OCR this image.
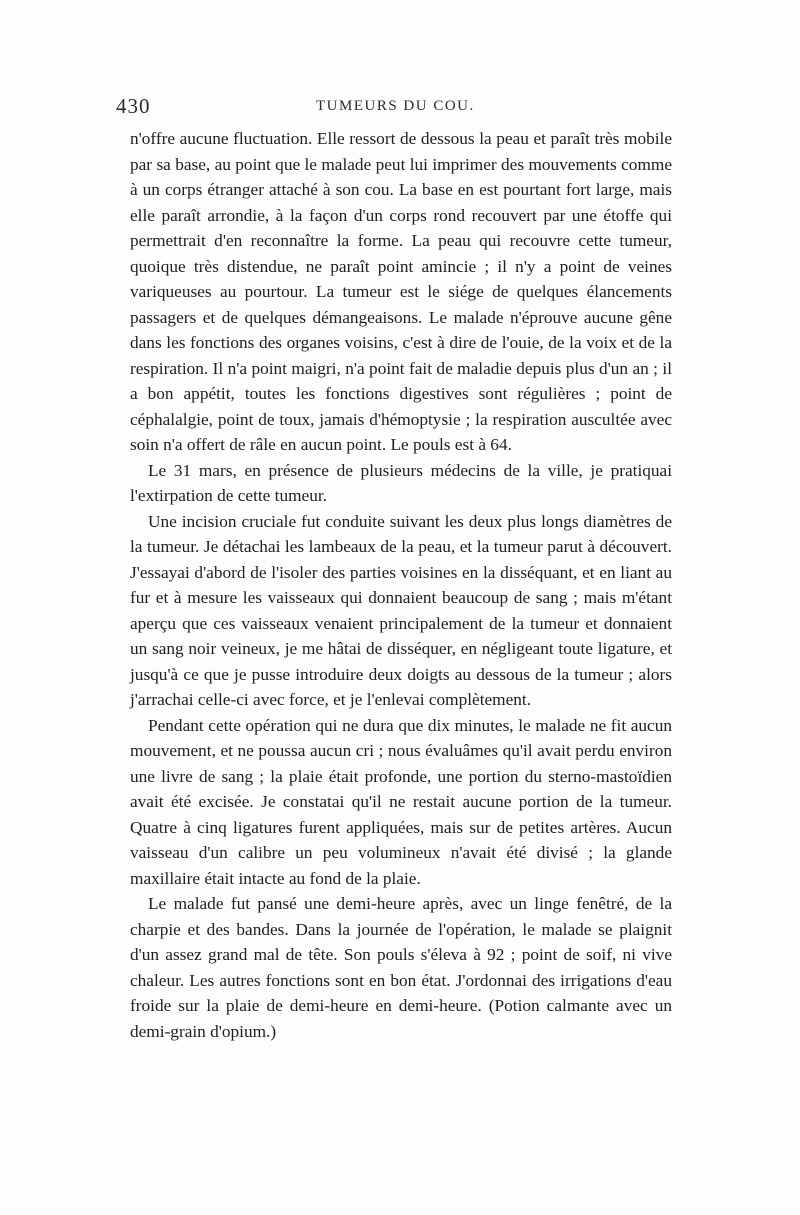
430	TUMEURS DU COU.

n'offre aucune fluctuation. Elle ressort de dessous la peau et paraît très mobile par sa base, au point que le malade peut lui imprimer des mouvements comme à un corps étranger attaché à son cou. La base en est pourtant fort large, mais elle paraît arrondie, à la façon d'un corps rond recouvert par une étoffe qui permettrait d'en reconnaître la forme. La peau qui recouvre cette tumeur, quoique très distendue, ne paraît point amincie ; il n'y a point de veines variqueuses au pourtour. La tumeur est le siége de quelques élancements passagers et de quelques démangeaisons. Le malade n'éprouve aucune gêne dans les fonctions des organes voisins, c'est à dire de l'ouie, de la voix et de la respiration. Il n'a point maigri, n'a point fait de maladie depuis plus d'un an ; il a bon appétit, toutes les fonctions digestives sont régulières ; point de céphalalgie, point de toux, jamais d'hémoptysie ; la respiration auscultée avec soin n'a offert de râle en aucun point. Le pouls est à 64.

Le 31 mars, en présence de plusieurs médecins de la ville, je pratiquai l'extirpation de cette tumeur.

Une incision cruciale fut conduite suivant les deux plus longs diamètres de la tumeur. Je détachai les lambeaux de la peau, et la tumeur parut à découvert. J'essayai d'abord de l'isoler des parties voisines en la disséquant, et en liant au fur et à mesure les vaisseaux qui donnaient beaucoup de sang ; mais m'étant aperçu que ces vaisseaux venaient principalement de la tumeur et donnaient un sang noir veineux, je me hâtai de disséquer, en négligeant toute ligature, et jusqu'à ce que je pusse introduire deux doigts au dessous de la tumeur ; alors j'arrachai celle-ci avec force, et je l'enlevai complètement.

Pendant cette opération qui ne dura que dix minutes, le malade ne fit aucun mouvement, et ne poussa aucun cri ; nous évaluâmes qu'il avait perdu environ une livre de sang ; la plaie était profonde, une portion du sterno-mastoïdien avait été excisée. Je constatai qu'il ne restait aucune portion de la tumeur. Quatre à cinq ligatures furent appliquées, mais sur de petites artères. Aucun vaisseau d'un calibre un peu volumineux n'avait été divisé ; la glande maxillaire était intacte au fond de la plaie.

Le malade fut pansé une demi-heure après, avec un linge fenêtré, de la charpie et des bandes. Dans la journée de l'opération, le malade se plaignit d'un assez grand mal de tête. Son pouls s'éleva à 92 ; point de soif, ni vive chaleur. Les autres fonctions sont en bon état. J'ordonnai des irrigations d'eau froide sur la plaie de demi-heure en demi-heure. (Potion calmante avec un demi-grain d'opium.)
